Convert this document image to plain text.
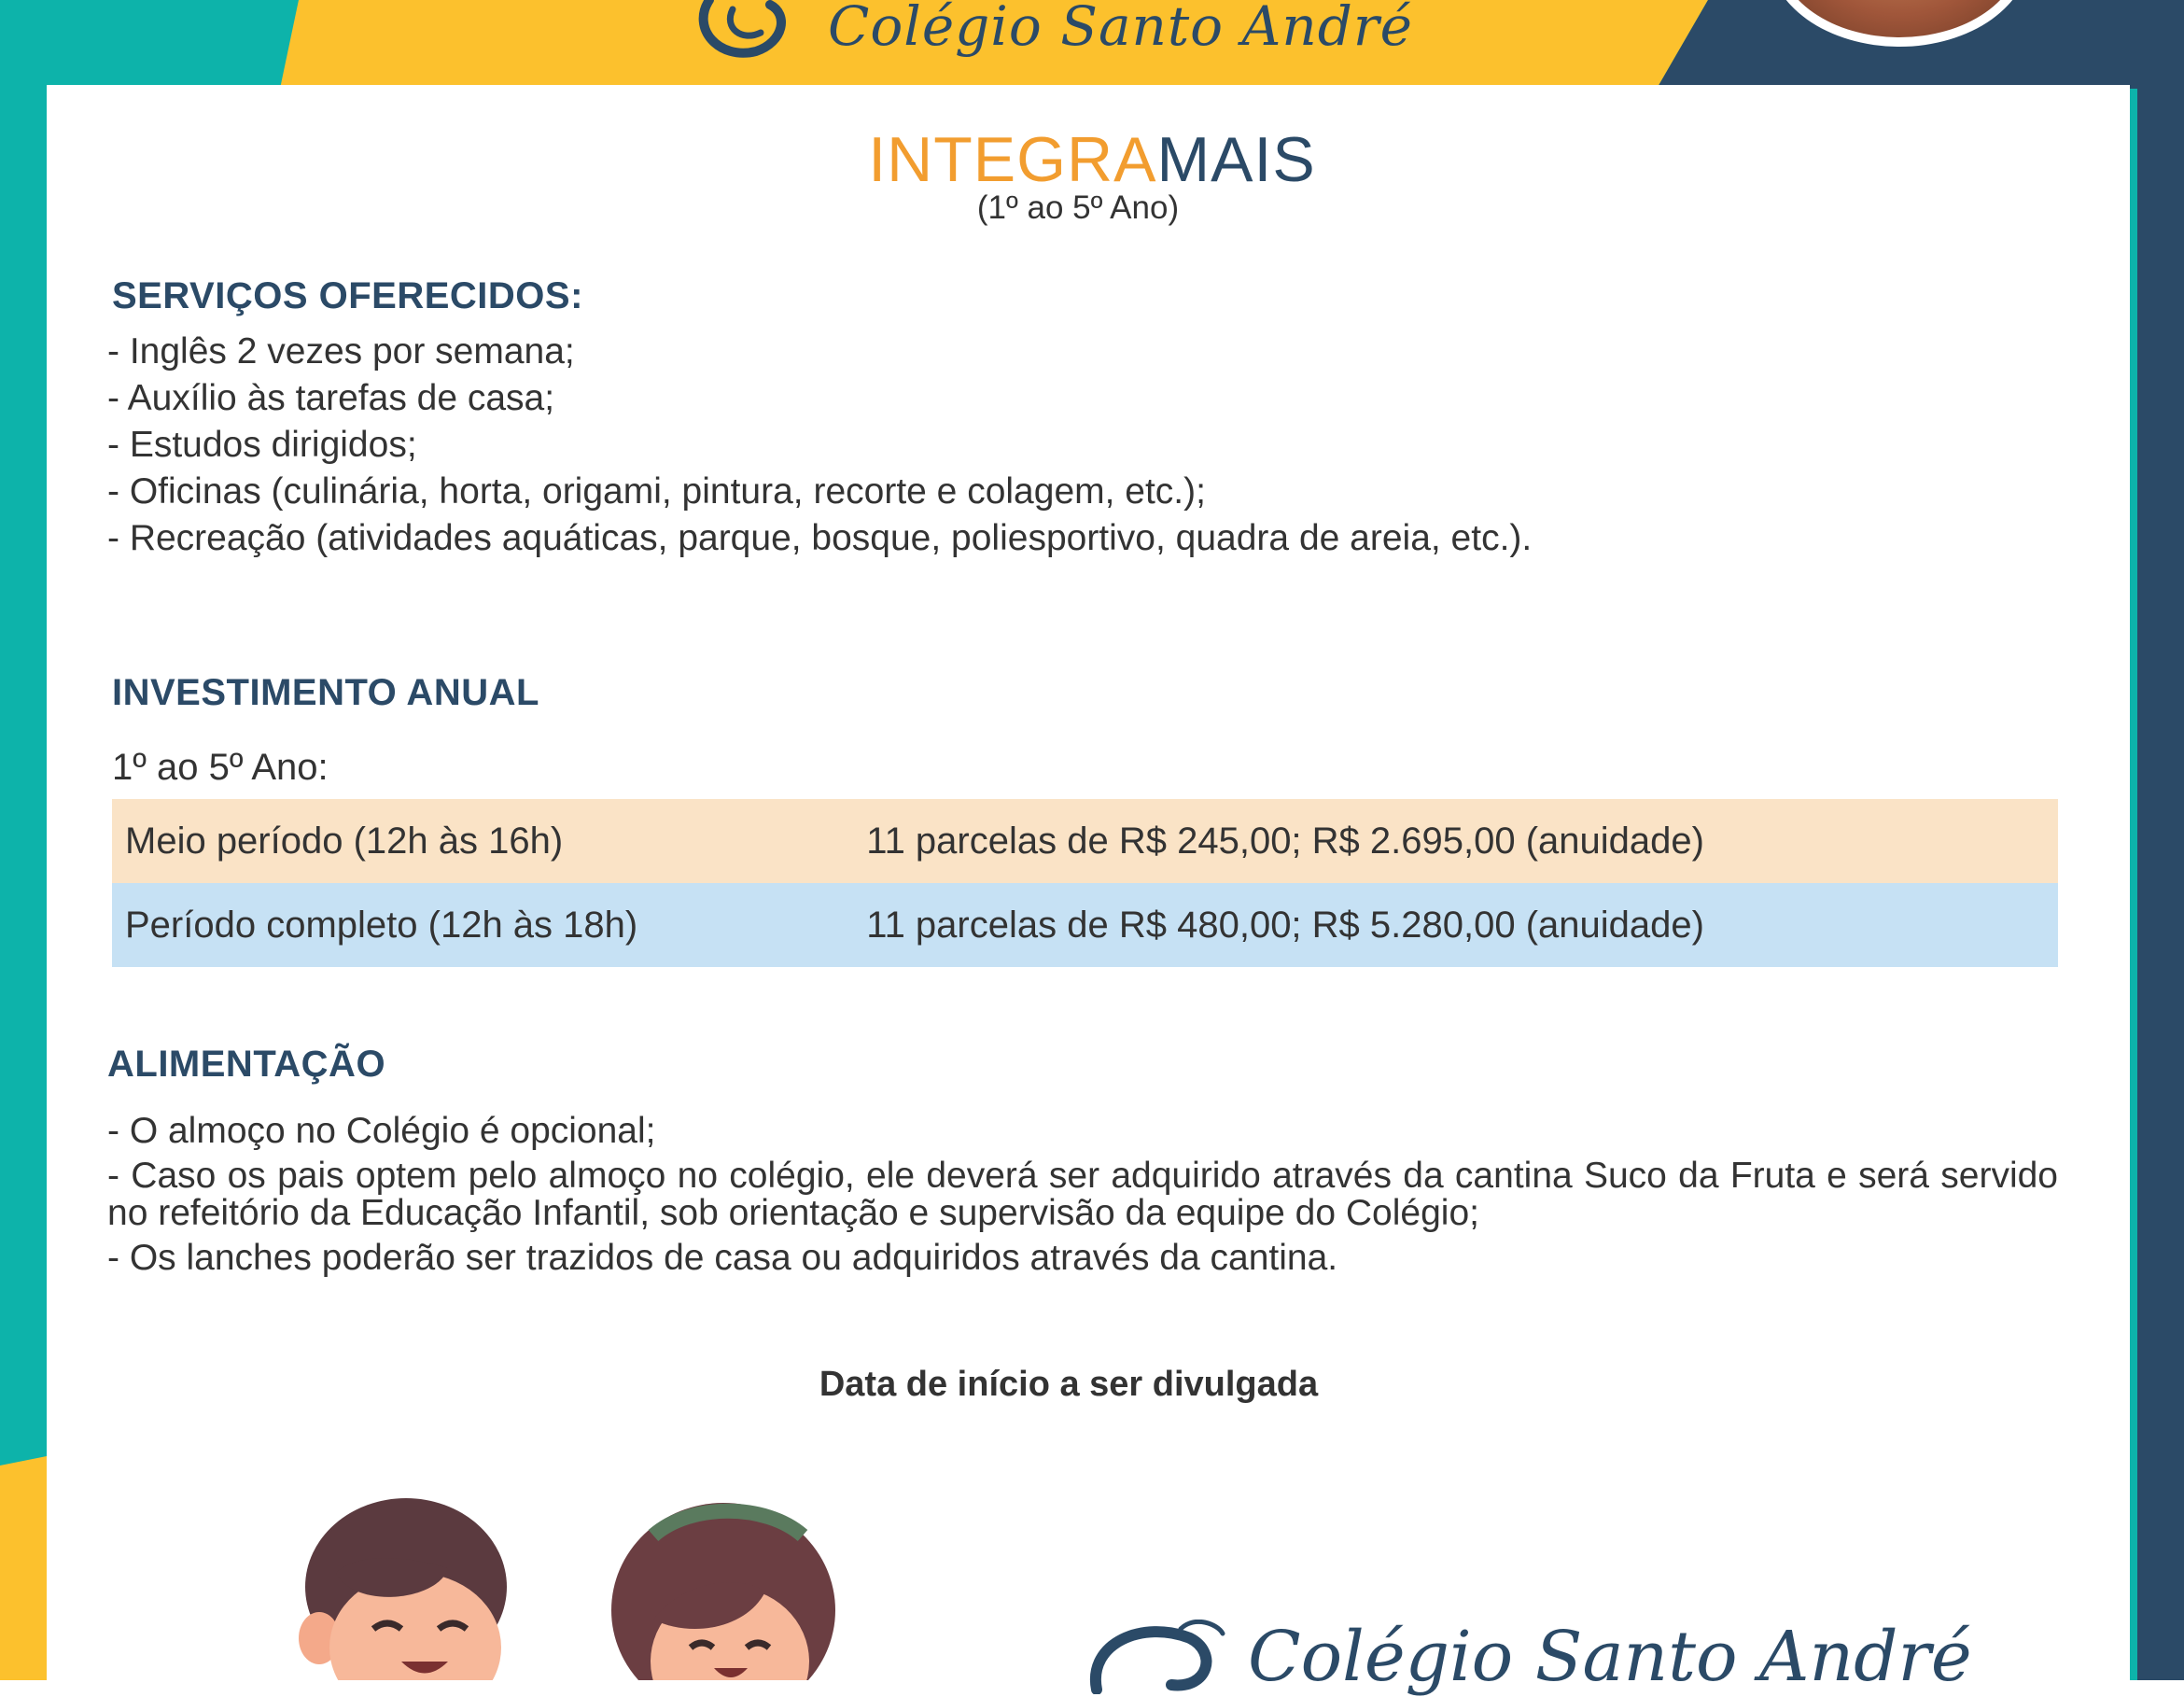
Colégio Santo André
INTEGRAMAIS
(1º ao 5º Ano)
SERVIÇOS OFERECIDOS:
- Inglês 2 vezes por semana;
- Auxílio às tarefas de casa;
- Estudos dirigidos;
- Oficinas (culinária, horta, origami, pintura, recorte e colagem, etc.);
- Recreação (atividades aquáticas, parque, bosque, poliesportivo, quadra de areia, etc.).
INVESTIMENTO ANUAL
1º ao 5º Ano:
Meio período (12h às 16h)	11 parcelas de R$ 245,00; R$ 2.695,00 (anuidade)
Período completo (12h às 18h)	11 parcelas de R$ 480,00; R$ 5.280,00 (anuidade)
ALIMENTAÇÃO

- O almoço no Colégio é opcional;

- Caso os pais optem pelo almoço no colégio, ele deverá ser adquirido através da cantina Suco da Fruta e será servido no refeitório da Educação Infantil, sob orientação e supervisão da equipe do Colégio;

- Os lanches poderão ser trazidos de casa ou adquiridos através da cantina.

Data de início a ser divulgada
Colégio Santo André
